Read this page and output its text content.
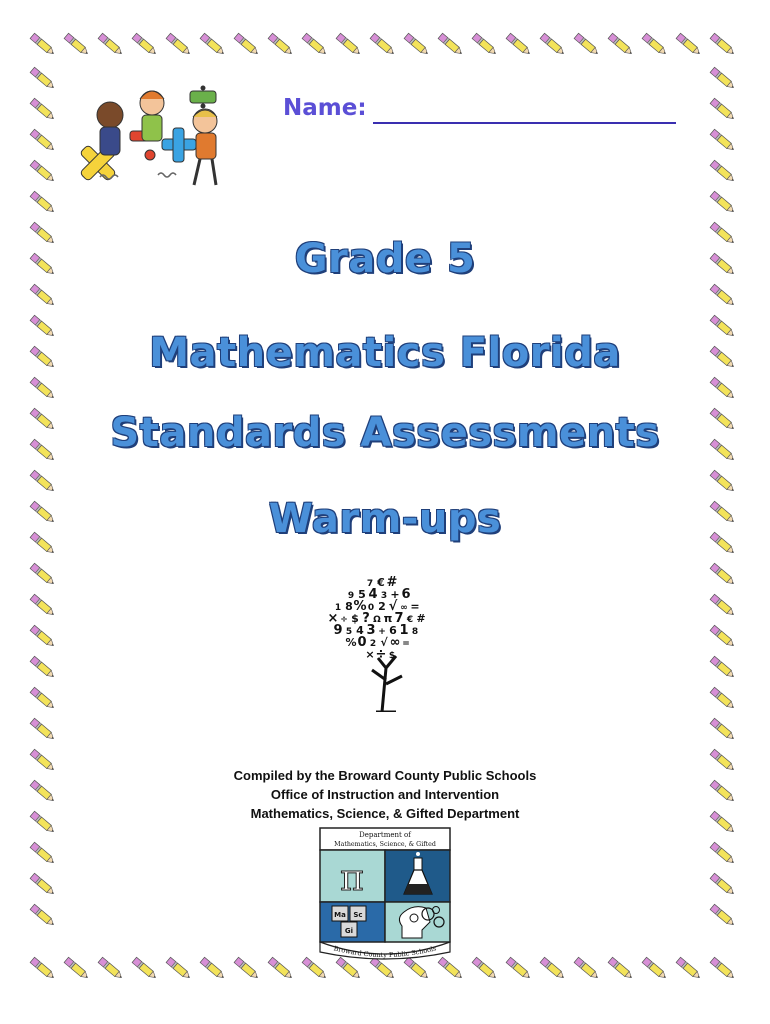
Name:
Grade 5
Mathematics Florida
Standards Assessments
Warm-ups
7 € #
9 5 4 3 + 6
1 8 % 0 2 √ ∞ =
× ÷ $ ? Ω π 7 € #
9 5 4 3 + 6 1 8
% 0 2 √ ∞ =
× ÷ $
Compiled by the Broward County Public Schools
Office of Instruction and Intervention
Mathematics, Science, & Gifted Department
Department of
Mathematics, Science, & Gifted
π
Ma Sc
Gi
Broward County Public Schools
